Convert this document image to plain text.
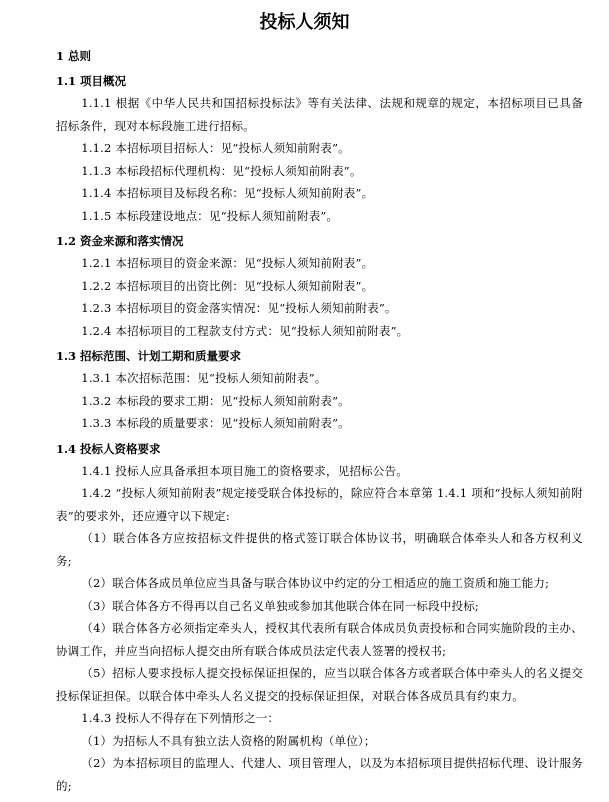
投标人须知
1 总则
1.1 项目概况

1.1.1 根据《中华人民共和国招标投标法》等有关法律、法规和规章的规定，本招标项目已具备招标条件，现对本标段施工进行招标。

1.1.2 本招标项目招标人：见“投标人须知前附表”。

1.1.3 本标段招标代理机构：见“投标人须知前附表”。

1.1.4 本招标项目及标段名称：见“投标人须知前附表”。

1.1.5 本标段建设地点：见“投标人须知前附表”。

1.2 资金来源和落实情况

1.2.1 本招标项目的资金来源：见“投标人须知前附表”。

1.2.2 本招标项目的出资比例：见“投标人须知前附表”。

1.2.3 本招标项目的资金落实情况：见“投标人须知前附表”。

1.2.4 本招标项目的工程款支付方式：见“投标人须知前附表”。

1.3 招标范围、计划工期和质量要求

1.3.1 本次招标范围：见“投标人须知前附表”。

1.3.2 本标段的要求工期：见“投标人须知前附表”。

1.3.3 本标段的质量要求：见“投标人须知前附表”。

1.4 投标人资格要求

1.4.1 投标人应具备承担本项目施工的资格要求，见招标公告。

1.4.2 “投标人须知前附表”规定接受联合体投标的，除应符合本章第 1.4.1 项和“投标人须知前附表”的要求外，还应遵守以下规定:

（1）联合体各方应按招标文件提供的格式签订联合体协议书，明确联合体牵头人和各方权利义务;

（2）联合体各成员单位应当具备与联合体协议中约定的分工相适应的施工资质和施工能力;

（3）联合体各方不得再以自己名义单独或参加其他联合体在同一标段中投标;

（4）联合体各方必须指定牵头人，授权其代表所有联合体成员负责投标和合同实施阶段的主办、协调工作，并应当向招标人提交由所有联合体成员法定代表人签署的授权书;

（5）招标人要求投标人提交投标保证担保的，应当以联合体各方或者联合体中牵头人的名义提交投标保证担保。以联合体中牵头人名义提交的投标保证担保，对联合体各成员具有约束力。

1.4.3 投标人不得存在下列情形之一：

（1）为招标人不具有独立法人资格的附属机构（单位）；

（2）为本招标项目的监理人、代建人、项目管理人，以及为本招标项目提供招标代理、设计服务的;
